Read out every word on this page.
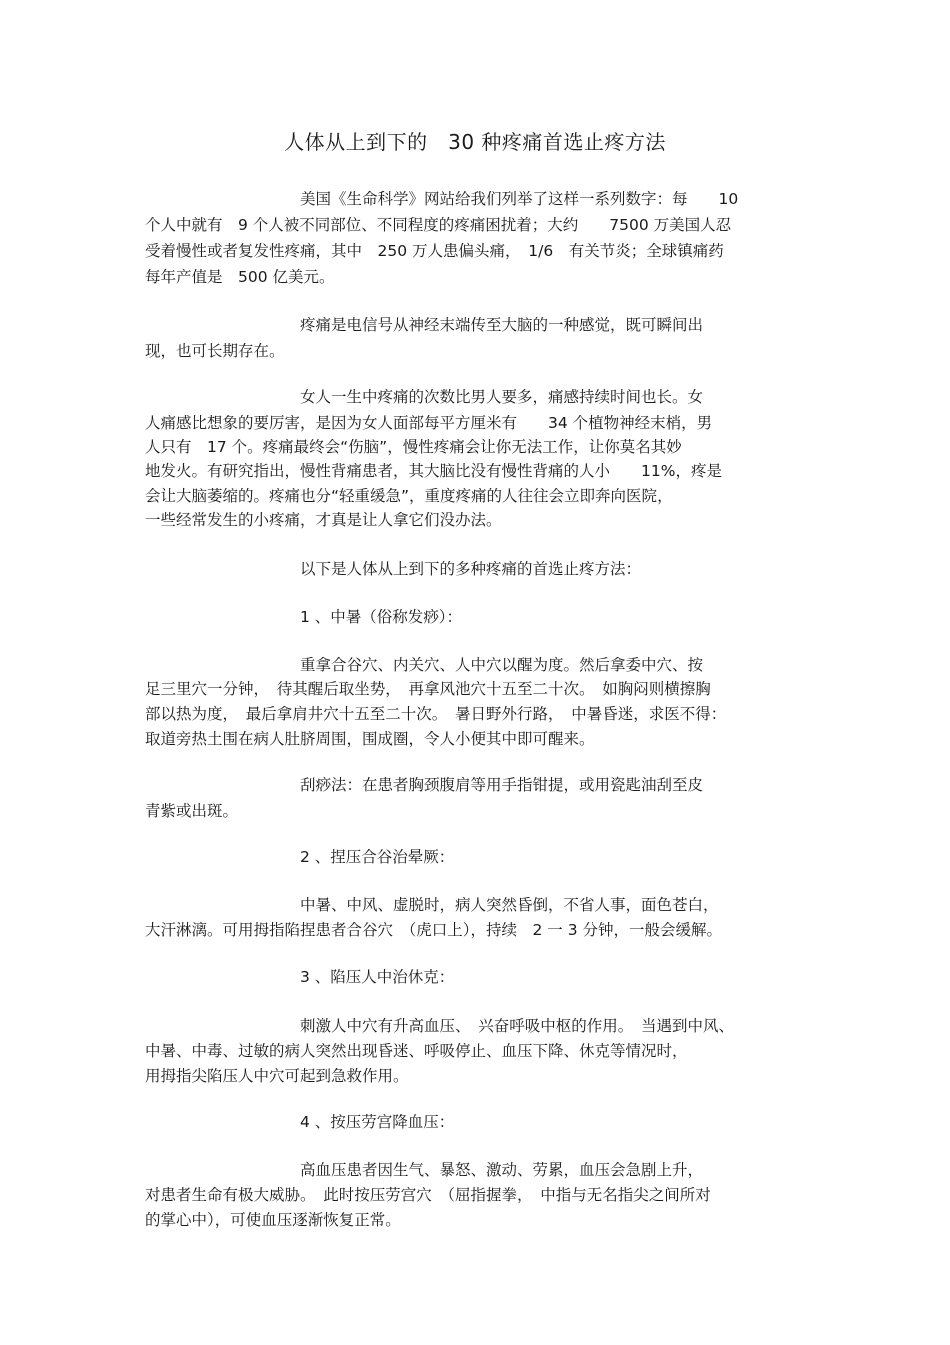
人体从上到下的　30 种疼痛首选止疼方法
　　　　　　　　　　美国《生命科学》网站给我们列举了这样一系列数字：每　　10
个人中就有　9 个人被不同部位、不同程度的疼痛困扰着；大约　　7500 万美国人忍
受着慢性或者复发性疼痛，其中　250 万人患偏头痛，　1/6　有关节炎；全球镇痛药
每年产值是　500 亿美元。
　　　　　　　　　　疼痛是电信号从神经末端传至大脑的一种感觉，既可瞬间出
现，也可长期存在。
　　　　　　　　　　女人一生中疼痛的次数比男人要多，痛感持续时间也长。女
人痛感比想象的要厉害，是因为女人面部每平方厘米有　　34 个植物神经末梢，男
人只有　17 个。疼痛最终会“伤脑”，慢性疼痛会让你无法工作，让你莫名其妙
地发火。有研究指出，慢性背痛患者，其大脑比没有慢性背痛的人小　　11%，疼是
会让大脑萎缩的。疼痛也分“轻重缓急”，重度疼痛的人往往会立即奔向医院，
一些经常发生的小疼痛，才真是让人拿它们没办法。
　　　　　　　　　　以下是人体从上到下的多种疼痛的首选止疼方法：
　　　　　　　　　　1 、中暑（俗称发痧）：
　　　　　　　　　　重拿合谷穴、内关穴、人中穴以醒为度。然后拿委中穴、按
足三里穴一分钟，　待其醒后取坐势，　再拿风池穴十五至二十次。　如胸闷则横擦胸
部以热为度，　最后拿肩井穴十五至二十次。　暑日野外行路，　中暑昏迷，求医不得：
取道旁热土围在病人肚脐周围，围成圈，令人小便其中即可醒来。
　　　　　　　　　　刮痧法：在患者胸颈腹肩等用手指钳提，或用瓷匙油刮至皮
青紫或出斑。
　　　　　　　　　　2 、捏压合谷治晕厥：
　　　　　　　　　　中暑、中风、虚脱时，病人突然昏倒，不省人事，面色苍白，
大汗淋漓。可用拇指陷捏患者合谷穴　（虎口上），持续　2 一 3 分钟，一般会缓解。
　　　　　　　　　　3 、陷压人中治休克：
　　　　　　　　　　刺激人中穴有升高血压、　兴奋呼吸中枢的作用。　当遇到中风、
中暑、中毒、过敏的病人突然出现昏迷、呼吸停止、血压下降、休克等情况时，
用拇指尖陷压人中穴可起到急救作用。
　　　　　　　　　　4 、按压劳宫降血压：
　　　　　　　　　　高血压患者因生气、暴怒、激动、劳累，血压会急剧上升，
对患者生命有极大威胁。　此时按压劳宫穴　（屈指握拳，　中指与无名指尖之间所对
的掌心中），可使血压逐渐恢复正常。
